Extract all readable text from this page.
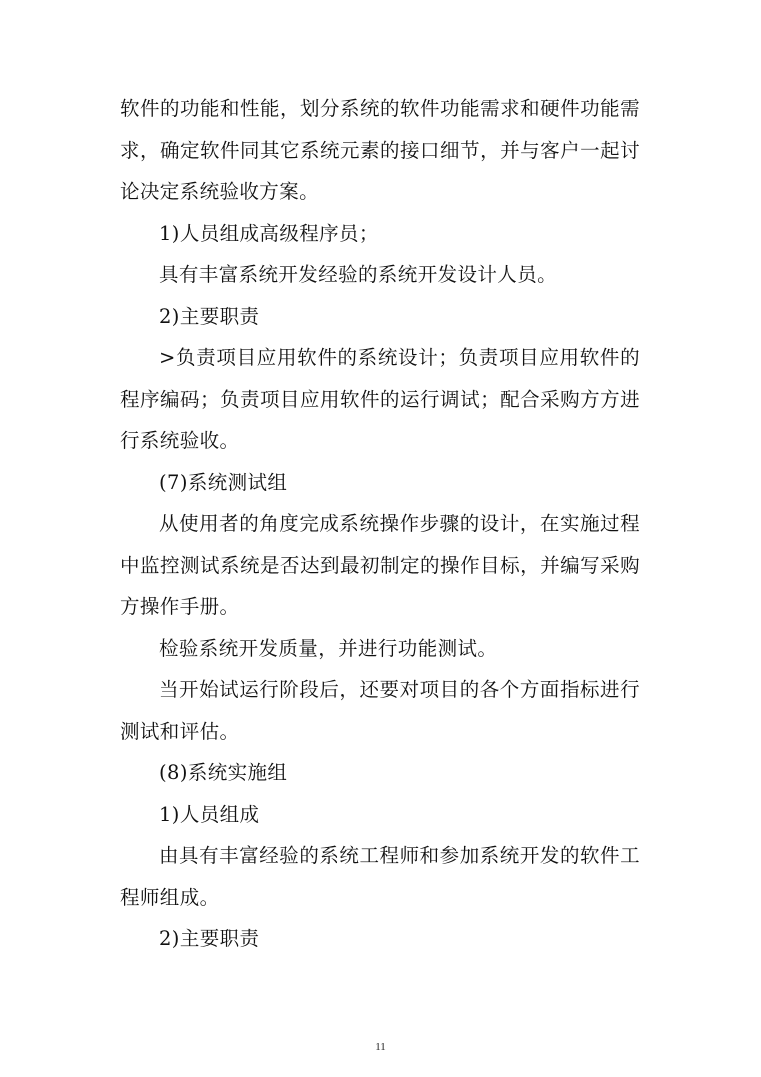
软件的功能和性能，划分系统的软件功能需求和硬件功能需求，确定软件同其它系统元素的接口细节，并与客户一起讨论决定系统验收方案。

1)人员组成高级程序员；

具有丰富系统开发经验的系统开发设计人员。

2)主要职责

>负责项目应用软件的系统设计；负责项目应用软件的程序编码；负责项目应用软件的运行调试；配合采购方方进行系统验收。

(7)系统测试组

从使用者的角度完成系统操作步骤的设计，在实施过程中监控测试系统是否达到最初制定的操作目标，并编写采购方操作手册。

检验系统开发质量，并进行功能测试。

当开始试运行阶段后，还要对项目的各个方面指标进行测试和评估。

(8)系统实施组

1)人员组成

由具有丰富经验的系统工程师和参加系统开发的软件工程师组成。

2)主要职责

11
